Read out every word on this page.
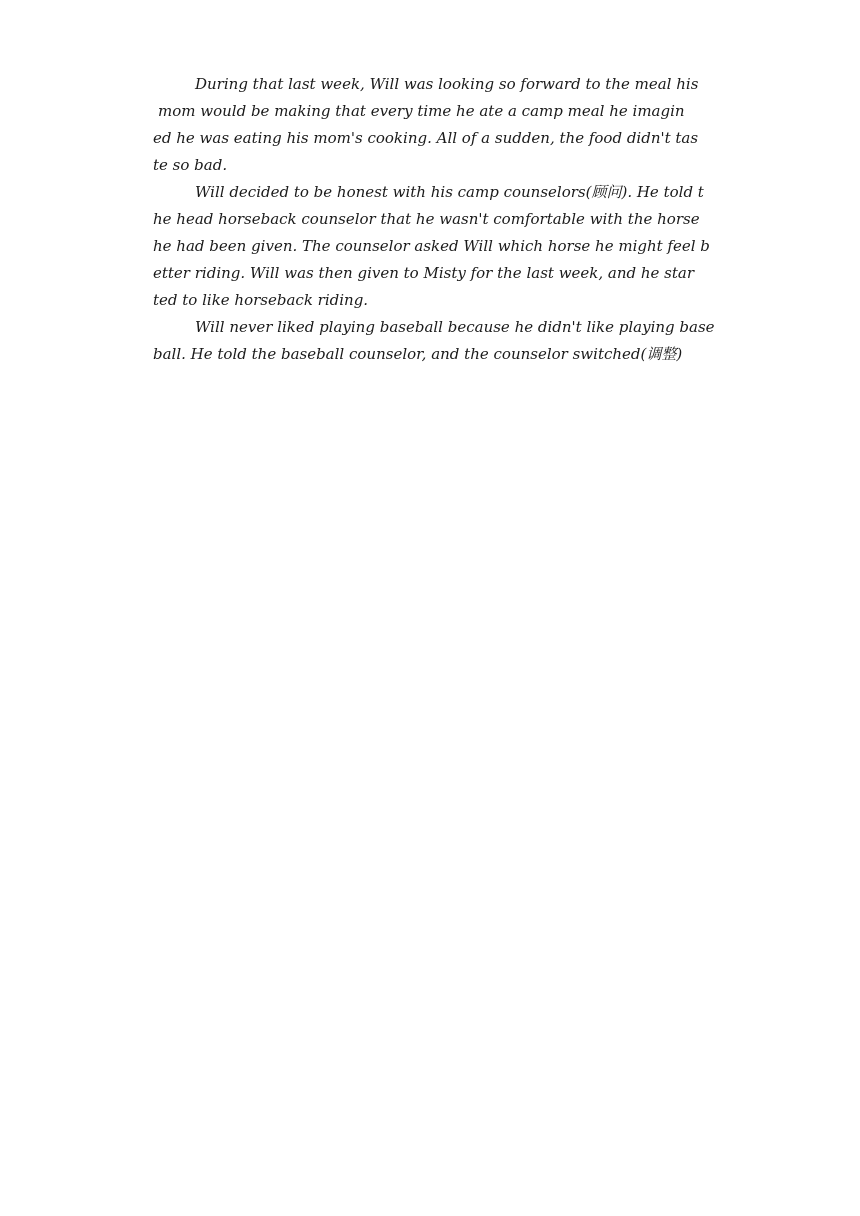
During that last week, Will was looking so forward to the meal his
mom would be making that every time he ate a camp meal he imagin
ed he was eating his mom's cooking. All of a sudden, the food didn't tas
te so bad.
Will decided to be honest with his camp counselors(顾问). He told t
he head horseback counselor that he wasn't comfortable with the horse
he had been given. The counselor asked Will which horse he might feel b
etter riding. Will was then given to Misty for the last week, and he star
ted to like horseback riding.
Will never liked playing baseball because he didn't like playing base
ball. He told the baseball counselor, and the counselor switched(调整)
